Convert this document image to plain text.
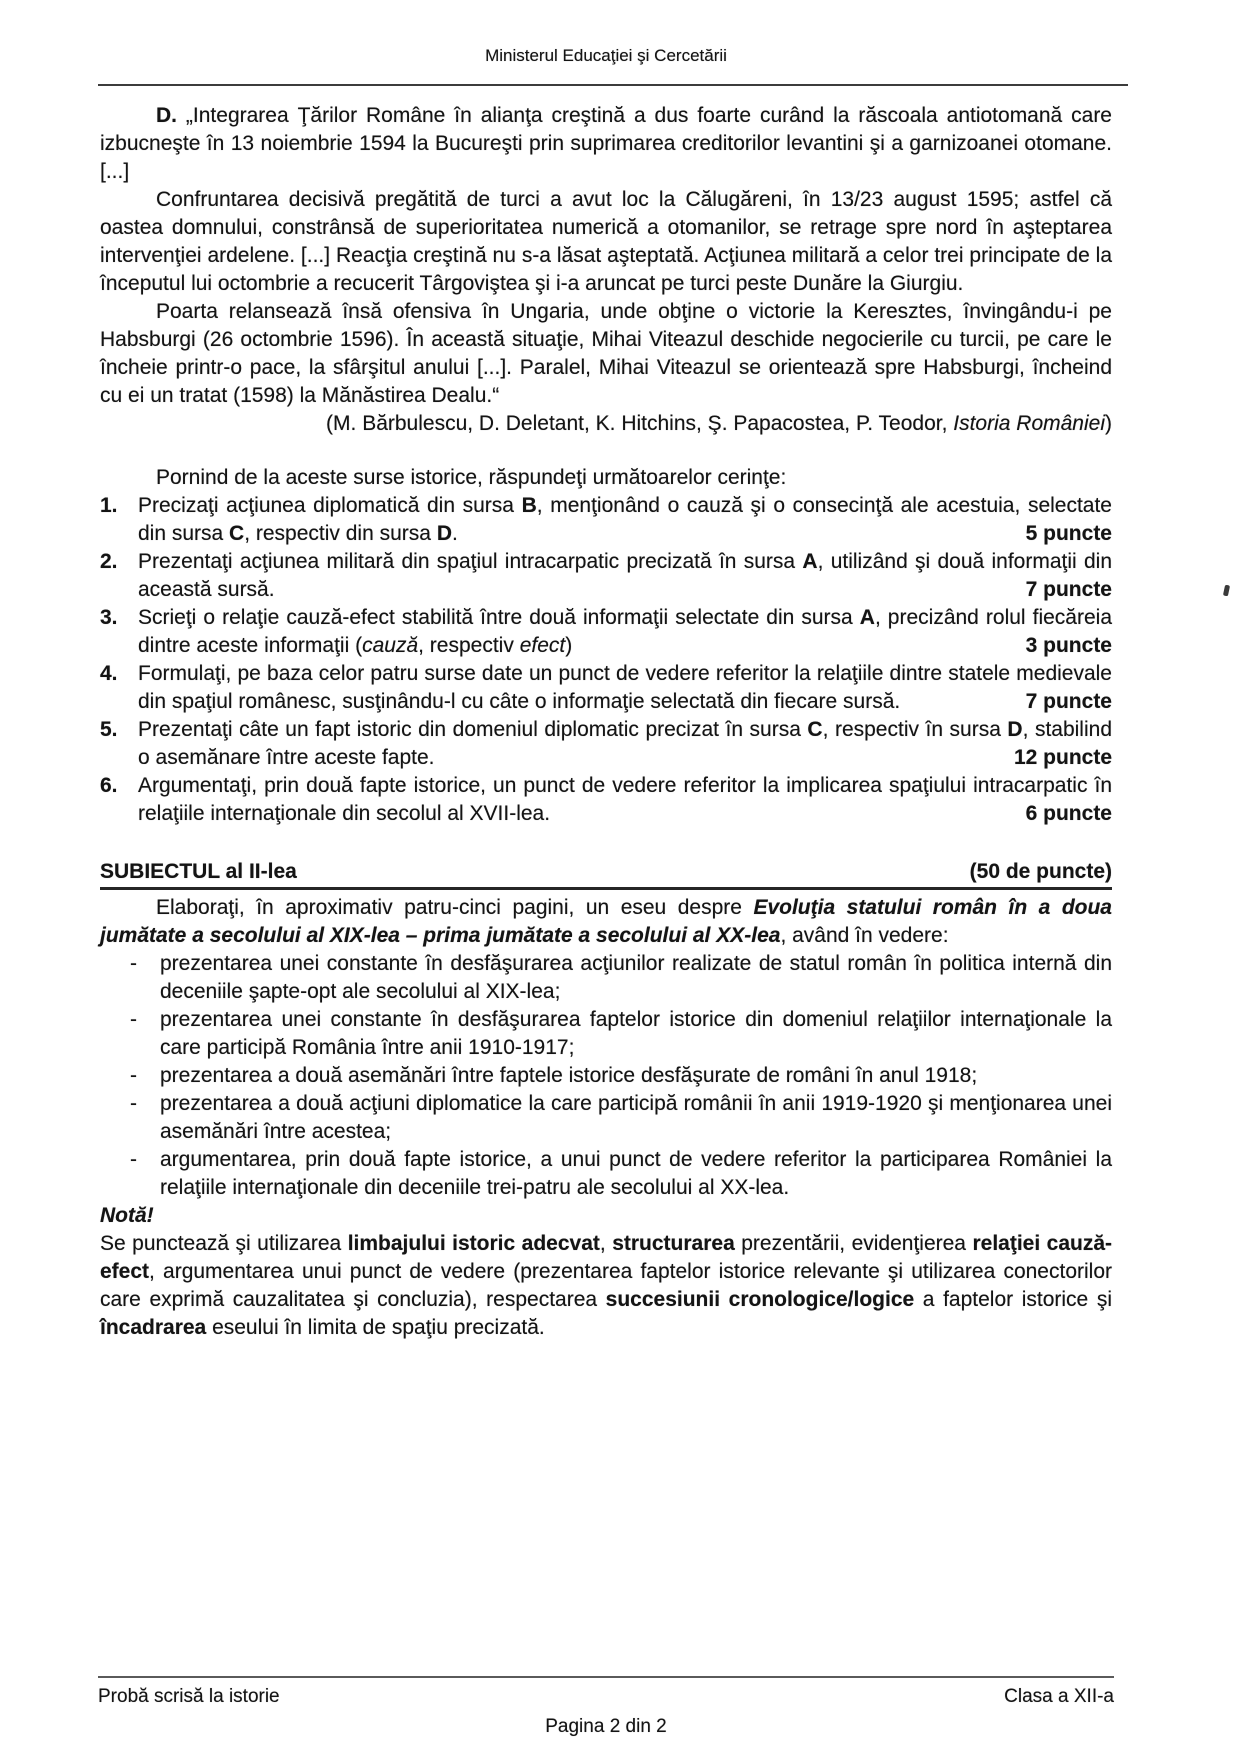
Ministerul Educaţiei şi Cercetării

D. „Integrarea Ţărilor Române în alianţa creştină a dus foarte curând la răscoala antiotomană care izbucneşte în 13 noiembrie 1594 la Bucureşti prin suprimarea creditorilor levantini şi a garnizoanei otomane. [...]

Confruntarea decisivă pregătită de turci a avut loc la Călugăreni, în 13/23 august 1595; astfel că oastea domnului, constrânsă de superioritatea numerică a otomanilor, se retrage spre nord în aşteptarea intervenţiei ardelene. [...] Reacţia creştină nu s-a lăsat aşteptată. Acţiunea militară a celor trei principate de la începutul lui octombrie a recucerit Târgoviştea şi i-a aruncat pe turci peste Dunăre la Giurgiu.

Poarta relansează însă ofensiva în Ungaria, unde obţine o victorie la Keresztes, învingându-i pe Habsburgi (26 octombrie 1596). În această situaţie, Mihai Viteazul deschide negocierile cu turcii, pe care le încheie printr-o pace, la sfârşitul anului [...]. Paralel, Mihai Viteazul se orientează spre Habsburgi, încheind cu ei un tratat (1598) la Mănăstirea Dealu.“

(M. Bărbulescu, D. Deletant, K. Hitchins, Ş. Papacostea, P. Teodor, Istoria României)

Pornind de la aceste surse istorice, răspundeţi următoarelor cerinţe:

1. Precizaţi acţiunea diplomatică din sursa B, menţionând o cauză şi o consecinţă ale acestuia, selectate din sursa C, respectiv din sursa D.	5 puncte
2. Prezentaţi acţiunea militară din spaţiul intracarpatic precizată în sursa A, utilizând şi două informaţii din această sursă.	7 puncte
3. Scrieţi o relaţie cauză-efect stabilită între două informaţii selectate din sursa A, precizând rolul fiecăreia dintre aceste informaţii (cauză, respectiv efect)	3 puncte
4. Formulaţi, pe baza celor patru surse date un punct de vedere referitor la relaţiile dintre statele medievale din spaţiul românesc, susţinându-l cu câte o informaţie selectată din fiecare sursă.	7 puncte
5. Prezentaţi câte un fapt istoric din domeniul diplomatic precizat în sursa C, respectiv în sursa D, stabilind o asemănare între aceste fapte.	12 puncte
6. Argumentaţi, prin două fapte istorice, un punct de vedere referitor la implicarea spaţiului intracarpatic în relaţiile internaţionale din secolul al XVII-lea.	6 puncte
SUBIECTUL al II-lea	(50 de puncte)

Elaboraţi, în aproximativ patru-cinci pagini, un eseu despre Evoluţia statului român în a doua jumătate a secolului al XIX-lea – prima jumătate a secolului al XX-lea, având în vedere:

-	prezentarea unei constante în desfăşurarea acţiunilor realizate de statul român în politica internă din deceniile şapte-opt ale secolului al XIX-lea;
-	prezentarea unei constante în desfăşurarea faptelor istorice din domeniul relaţiilor internaţionale la care participă România între anii 1910-1917;
-	prezentarea a două asemănări între faptele istorice desfăşurate de români în anul 1918;
-	prezentarea a două acţiuni diplomatice la care participă românii în anii 1919-1920 şi menţionarea unei asemănări între acestea;
-	argumentarea, prin două fapte istorice, a unui punct de vedere referitor la participarea României la relaţiile internaţionale din deceniile trei-patru ale secolului al XX-lea.
Notă!

Se punctează şi utilizarea limbajului istoric adecvat, structurarea prezentării, evidenţierea relaţiei cauză-efect, argumentarea unui punct de vedere (prezentarea faptelor istorice relevante şi utilizarea conectorilor care exprimă cauzalitatea şi concluzia), respectarea succesiunii cronologice/logice a faptelor istorice şi încadrarea eseului în limita de spaţiu precizată.

Probă scrisă la istorie	Clasa a XII-a
Pagina 2 din 2
